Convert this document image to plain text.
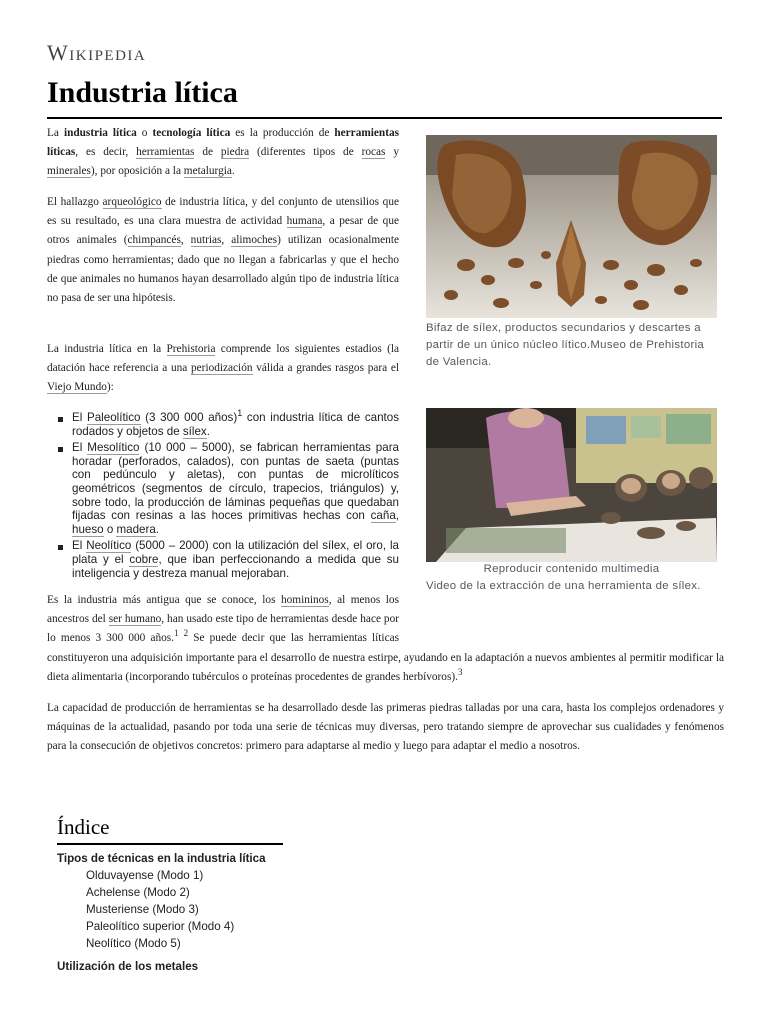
Wikipedia
Industria lítica

La industria lítica o tecnología lítica es la producción de herramientas líticas, es decir, herramientas de piedra (diferentes tipos de rocas y minerales), por oposición a la metalurgia.

El hallazgo arqueológico de industria lítica, y del conjunto de utensilios que es su resultado, es una clara muestra de actividad humana, a pesar de que otros animales (chimpancés, nutrias, alimoches) utilizan ocasionalmente piedras como herramientas; dado que no llegan a fabricarlas y que el hecho de que animales no humanos hayan desarrollado algún tipo de industria lítica no pasa de ser una hipótesis.

La industria lítica en la Prehistoria comprende los siguientes estadios (la datación hace referencia a una periodización válida a grandes rasgos para el Viejo Mundo):

El Paleolítico (3 300 000 años)$^1$ con industria lítica de cantos rodados y objetos de sílex.
El Mesolítico (10 000 – 5000), se fabrican herramientas para horadar (perforados, calados), con puntas de saeta (puntas con pedúnculo y aletas), con puntas de microlíticos geométricos (segmentos de círculo, trapecios, triángulos) y, sobre todo, la producción de láminas pequeñas que quedaban fijadas con resinas a las hoces primitivas hechas con caña, hueso o madera.
El Neolítico (5000 – 2000) con la utilización del sílex, el oro, la plata y el cobre, que iban perfeccionando a medida que su inteligencia y destreza manual mejoraban.

Es la industria más antigua que se conoce, los homininos, al menos los ancestros del ser humano, han usado este tipo de herramientas desde hace por lo menos 3 300 000 años.$^1$ $^2$ Se puede decir que las herramientas líticas constituyeron una adquisición importante para el desarrollo de nuestra estirpe, ayudando en la adaptación a nuevos ambientes al permitir modificar la dieta alimentaria (incorporando tubérculos o proteínas procedentes de grandes herbívoros).$^3$

La capacidad de producción de herramientas se ha desarrollado desde las primeras piedras talladas por una cara, hasta los complejos ordenadores y máquinas de la actualidad, pasando por toda una serie de técnicas muy diversas, pero tratando siempre de aprovechar sus cualidades y fenómenos para la consecución de objetivos concretos: primero para adaptarse al medio y luego para adaptar el medio a nosotros.

Bifaz de sílex, productos secundarios y descartes a partir de un único núcleo lítico.Museo de Prehistoria de Valencia.
Reproducir contenido multimedia
Video de la extracción de una herramienta de sílex.
Índice
Tipos de técnicas en la industria lítica
Olduvayense (Modo 1)
Achelense (Modo 2)
Musteriense (Modo 3)
Paleolítico superior (Modo 4)
Neolítico (Modo 5)
Utilización de los metales
